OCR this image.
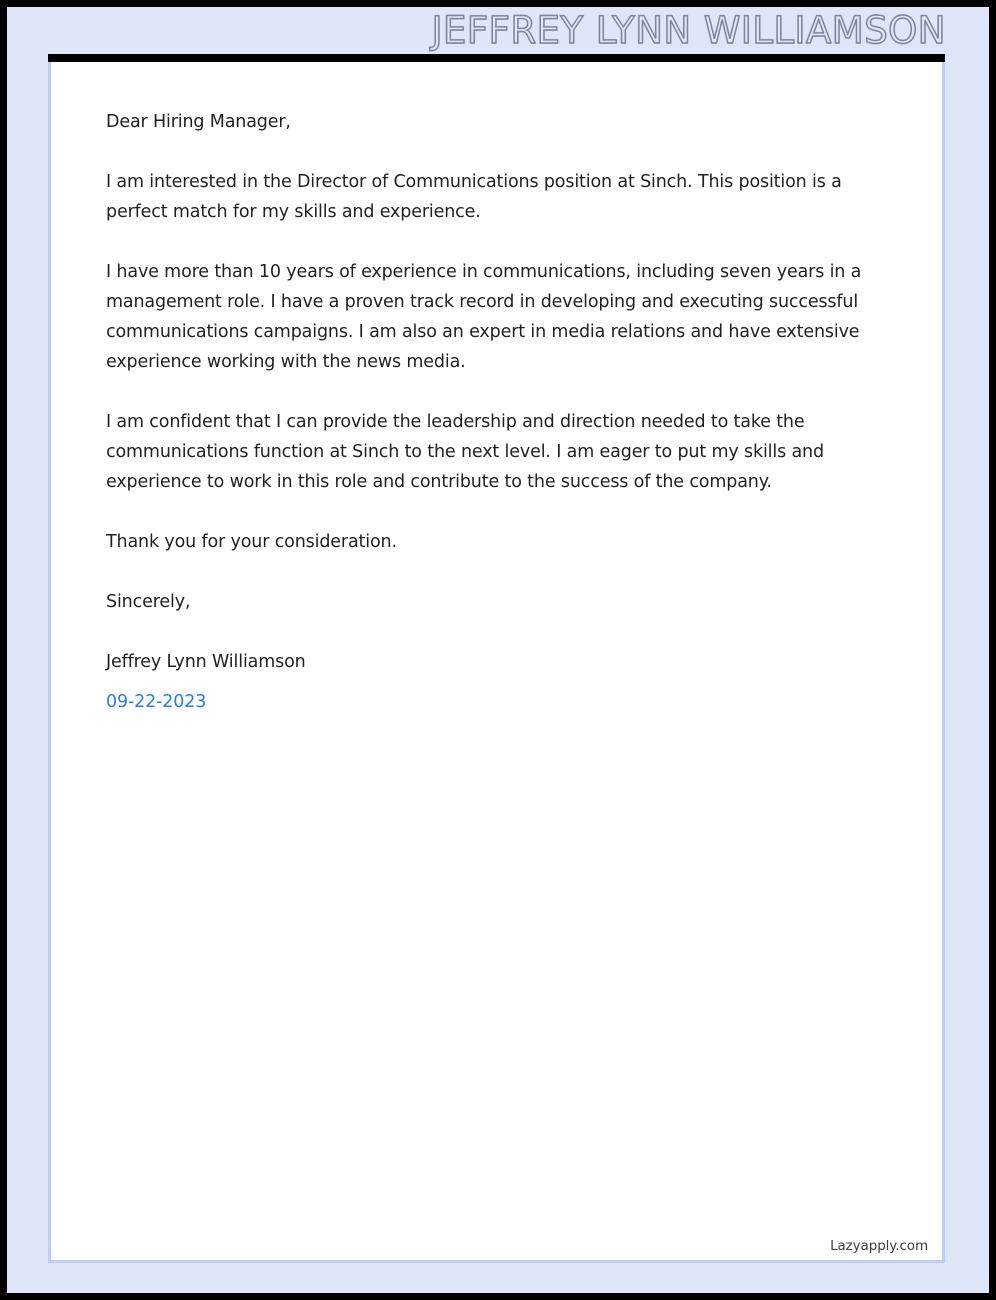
JEFFREY LYNN WILLIAMSON

Dear Hiring Manager,

I am interested in the Director of Communications position at Sinch. This position is a perfect match for my skills and experience.

I have more than 10 years of experience in communications, including seven years in a management role. I have a proven track record in developing and executing successful communications campaigns. I am also an expert in media relations and have extensive experience working with the news media.

I am confident that I can provide the leadership and direction needed to take the communications function at Sinch to the next level. I am eager to put my skills and experience to work in this role and contribute to the success of the company.

Thank you for your consideration.

Sincerely,

Jeffrey Lynn Williamson

09-22-2023

Lazyapply.com
